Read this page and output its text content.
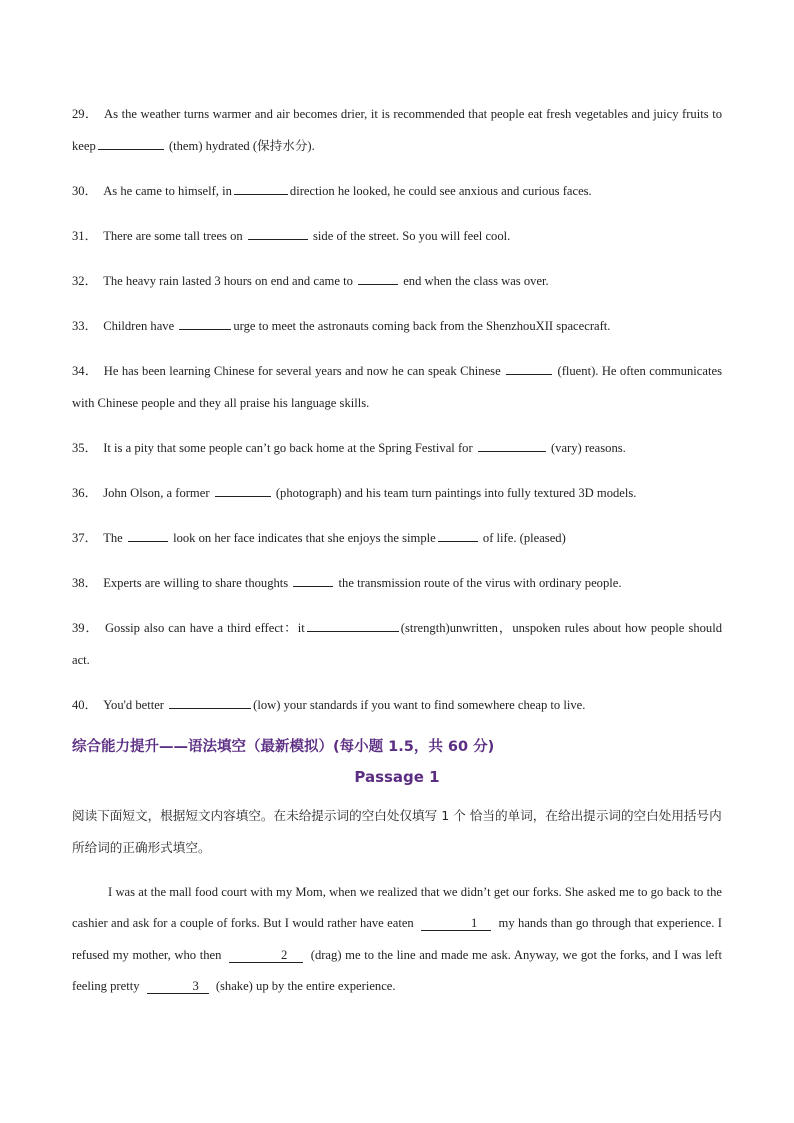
29． As the weather turns warmer and air becomes drier, it is recommended that people eat fresh vegetables and juicy fruits to keep	(them) hydrated (保持水分).

30． As he came to himself, in	direction he looked, he could see anxious and curious faces.

31． There are some tall trees on	side of the street. So you will feel cool.

32． The heavy rain lasted 3 hours on end and came to	end when the class was over.

33． Children have	urge to meet the astronauts coming back from the ShenzhouXII spacecraft.

34． He has been learning Chinese for several years and now he can speak Chinese	(fluent). He often communicates with Chinese people and they all praise his language skills.

35． It is a pity that some people can’t go back home at the Spring Festival for	(vary) reasons.

36． John Olson, a former	(photograph) and his team turn paintings into fully textured 3D models.

37． The	look on her face indicates that she enjoys the simple	of life. (pleased)

38． Experts are willing to share thoughts	the transmission route of the virus with ordinary people.

39． Gossip also can have a third effect：it	(strength)unwritten，unspoken rules about how people should act.

40． You'd better	(low) your standards if you want to find somewhere cheap to live.

综合能力提升——语法填空（最新模拟）(每小题 1.5，共 60 分)
Passage 1
阅读下面短文，根据短文内容填空。在未给提示词的空白处仅填写 1 个 恰当的单词，在给出提示词的空白处用括号内所给词的正确形式填空。

I was at the mall food court with my Mom, when we realized that we didn’t get our forks. She asked me to go back to the cashier and ask for a couple of forks. But I would rather have eaten	1 my hands than go through that experience. I refused my mother, who then	2 (drag) me to the line and made me ask. Anyway, we got the forks, and I was left feeling pretty	3 (shake) up by the entire experience.
